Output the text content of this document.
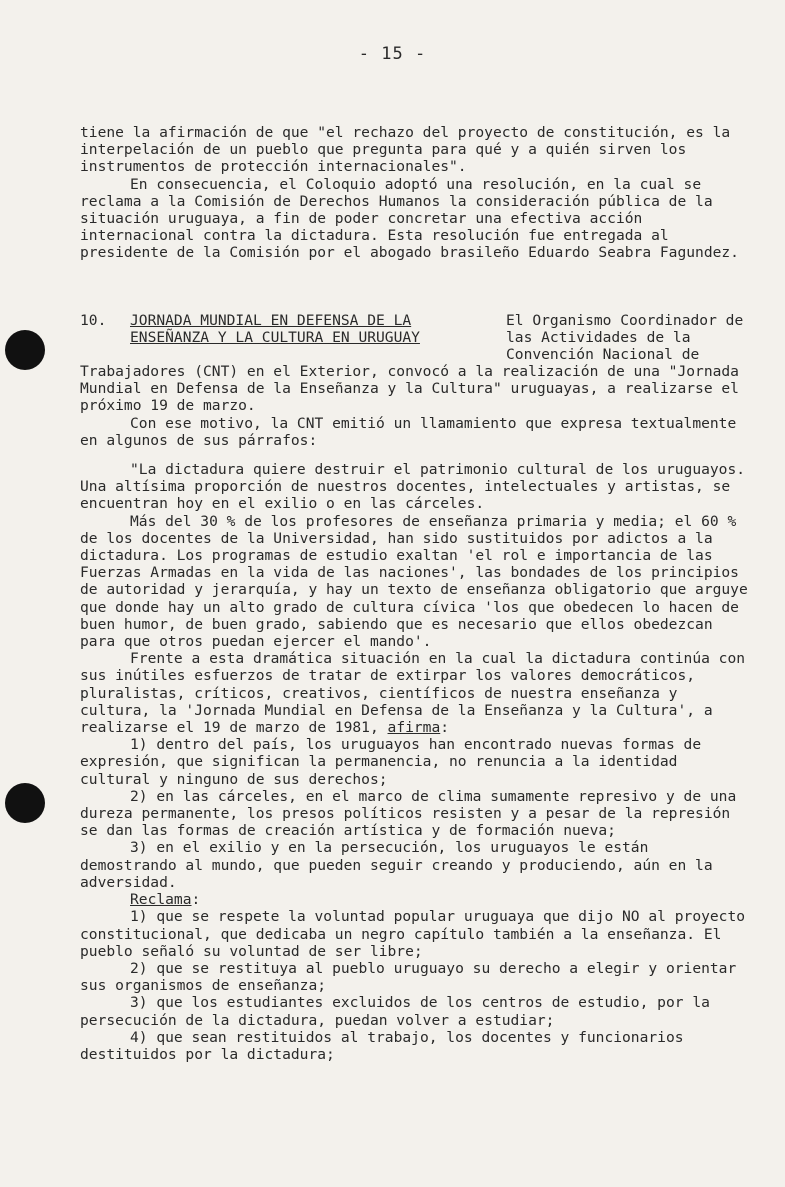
- 15 -

tiene la afirmación de que "el rechazo del proyecto de constitución, es la interpelación de un pueblo que pregunta para qué y a quién sirven los instrumentos de protección internacionales".

En consecuencia, el Coloquio adoptó una resolución, en la cual se reclama a la Comisión de Derechos Humanos la consideración pública de la situación uruguaya, a fin de poder concretar una efectiva acción internacional contra la dictadura. Esta resolución fue entregada al presidente de la Comisión por el abogado brasileño Eduardo Seabra Fagundez.

10.	JORNADA MUNDIAL EN DEFENSA DE LA
ENSEÑANZA Y LA CULTURA EN URUGUAY
El Organismo Coordinador de las Actividades de la Convención Nacional de

Trabajadores (CNT) en el Exterior, convocó a la realización de una "Jornada Mundial en Defensa de la Enseñanza y la Cultura" uruguayas, a realizarse el próximo 19 de marzo.

Con ese motivo, la CNT emitió un llamamiento que expresa textualmente en algunos de sus párrafos:

"La dictadura quiere destruir el patrimonio cultural de los uruguayos. Una altísima proporción de nuestros docentes, intelectuales y artistas, se encuentran hoy en el exilio o en las cárceles.

Más del 30 % de los profesores de enseñanza primaria y media; el 60 % de los docentes de la Universidad, han sido sustituidos por adictos a la dictadura. Los programas de estudio exaltan 'el rol e importancia de las Fuerzas Armadas en la vida de las naciones', las bondades de los principios de autoridad y jerarquía, y hay un texto de enseñanza obligatorio que arguye que donde hay un alto grado de cultura cívica 'los que obedecen lo hacen de buen humor, de buen grado, sabiendo que es necesario que ellos obedezcan para que otros puedan ejercer el mando'.

Frente a esta dramática situación en la cual la dictadura continúa con sus inútiles esfuerzos de tratar de extirpar los valores democráticos, pluralistas, críticos, creativos, científicos de nuestra enseñanza y cultura, la 'Jornada Mundial en Defensa de la Enseñanza y la Cultura', a realizarse el 19 de marzo de 1981, afirma:

1) dentro del país, los uruguayos han encontrado nuevas formas de expresión, que significan la permanencia, no renuncia a la identidad cultural y ninguno de sus derechos;

2) en las cárceles, en el marco de clima sumamente represivo y de una dureza permanente, los presos políticos resisten y a pesar de la represión se dan las formas de creación artística y de formación nueva;

3) en el exilio y en la persecución, los uruguayos le están demostrando al mundo, que pueden seguir creando y produciendo, aún en la adversidad.

Reclama:

1) que se respete la voluntad popular uruguaya que dijo NO al proyecto constitucional, que dedicaba un negro capítulo también a la enseñanza. El pueblo señaló su voluntad de ser libre;

2) que se restituya al pueblo uruguayo su derecho a elegir y orientar sus organismos de enseñanza;

3) que los estudiantes excluidos de los centros de estudio, por la persecución de la dictadura, puedan volver a estudiar;

4) que sean restituidos al trabajo, los docentes y funcionarios destituidos por la dictadura;
